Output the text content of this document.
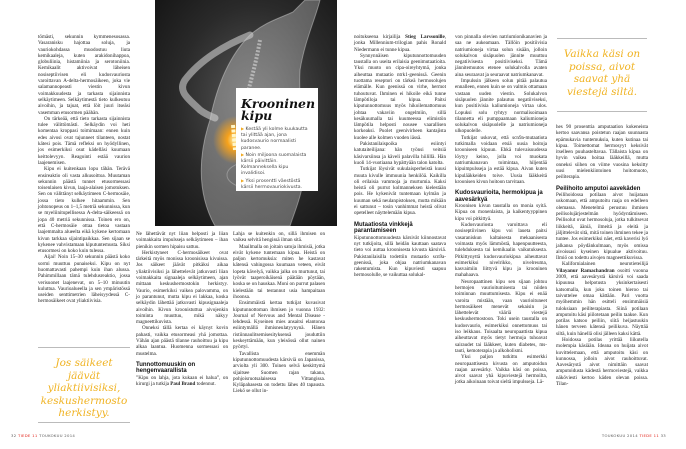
tömästi, sekunnin kymmenesosassa. Vasaranisku hajottaa soluja, ja vauriokohdassa muodostuu liuta kemikaaleja, kuten arakidonihappoa, globuliinia, histamiinia ja serotoniinia. Kemikaalit aktivoivat läheisen nosiseptiivisen eli kudosvauriosta varoittavan A-delta-hermosäikeen, joka vie salamannopeasti viestin kivun voimakkuudesta ja tarkasta sijainnista selkäytimeen. Selkäytimestä tieto kulkeutuu aivoihin, ja tajuat, että löit juuri itseäsi vasemman etusormen päähän.

On tärkeää, että tieto tarkasta sijainnista tulee välittömästi. Selkäydin voi heti komentaa kroppasi toimimaan: ennen kuin edes aivosi ovat tajunneet tilanteen, nostat kätesi pois. Tämä refleksi on hyödyllinen, jos esimerkiksi osut kädelläsi kuumaan keittolevyyn. Reagointi estää vaurion laajenemisen.

Kipu ei kuitenkaan lopu tähän. Terävä ensireaktio oli vasta alkusoittoa. Muutaman sekunnin päästä tunnet etusormessasi toisenlaisen kivun, laaja-alaisen jomotuksen. Sen on välittänyt selkäytimeen C-hermosäie, jossa tieto kulkee hitaammin. Sen johtonopeus on 1–1,5 metriä sekunnissa, kun se myeliinitupellisessa A-delta-säikeessä on jopa 40 metriä sekunnissa. Toinen ero on, että C-hermosäie ottaa tietoa vastaan laajemmalta alueelta eikä kykene kertomaan kivun tarkkaa sijaintipaikkaa. Sen sijaan se kykenee vahvistamaan kiputuntemusta. Siksi etusormesi on koko kuin tulessa.

Aijai! Noin 15–30 sekunnin päästä koko sormi muuttuu punaiseksi. Kipu on nyt huomattavasti pahempi kuin ihan alussa. Pahimmillaan tämä tulehdusreaktio, jossa verisuonet laajenevat, on 5–10 minuutin kuluttua. Vaurioalueella ja sen ympäristössä useiden senttimetrien läheisyydessä C-hermosäikeet ovat yliaktiivisia.

Jos säikeet jäävät yliaktiivisiksi, keskushermosto herkistyy.
Krooninen kipu
▶ Kestää yli kolme kuukautta tai ylittää ajan, jona kudosvaurio normaalisti paranee.
▶ Noin miljoona suomalaista kärsii päivittäin. Kolmanneksella kipu invalidisoi.
▶ Yksi prosentti väestöstä kärsii hermovauriokivusta.

Ne lähettävät nyt liian helposti ja liian voimakkaita impulsseja selkäytimeen – ihan pienikin sormen hipaisu sattuu.

Herkistyneet C-hermosäikeet ovat tärkeitä myös monissa kroonisissa kivuissa. Jos säikeet jäävät pitkäksi aikaa yliaktiivisiksi ja lähettelevät jatkuvasti liian voimakkaita signaaleja selkäytimeen, ajan mittaan keskushermostokin herkistyy. Vaurio, esimerkiksi vaikea palovamma, on jo parantunut, mutta kipu ei lakkaa, koska selkäydin lähettää jatkuvasti kipusignaaleja aivoihin. Kivun kroonistuttua aivojenkin toiminta muuttuu, mikä näkyy magneettikuvista.

Onneksi tällä kertaa ei käynyt kovin pahasti, vaikka etusormeasi yhä jomottaa. Vähän ajan päästä tilanne rauhoittuu ja kipu alkaa laantua. Huomenna sormessasi on mustelma.

Tunnottomuuskin on hengenvaarallista

”Kipu on lahja, jota kukaan ei halua”, on kirurgi ja tutkija Paul Brand todennut.

Lahja se kuitenkin on, sillä ihmisen on vaikea selvitä hengissä ilman sitä.

Maailmalla on joitain satoja ihmisiä, jotka eivät kykene tuntemaan kipua. Heistä on paljon kertomuksia: miten he kastavat kätensä vahingossa kuumaan veteen, eivät lopeta kävelyä, vaikka jalka on murtunut, tai lyövät taaperoikäisenä päätään pöytään, koska se on hauskaa. Moni on purrut palasen kielestään tai testannut usia hampaitaan ihoonsa.

Ensimmäistä kertaa tutkijat kuvasivat kiputunnottoman ihmisen jo vuonna 1932: Journal of Nervous and Mental Disease -lehdessä. Kyseinen mies ansaitsi elantonsa esiintymällä ihmisneulatyynynä. Hänen ristiinnaulitsemisesityksensä jouduttiin keskeyttämään, kun yleisössä ollut nainen pyörtyi.

Tavallista enemmän kiputunnottomuudesta kärsiviä on Japanissa, arviolta yli 300. Toinen selvä keskittymä sijaitsee Suomen rajan takana, pohjoisruotsalaisessa Vittangissa. Kyläpahasesta on todettu lähes 40 tapausta. Liekö se ollut in-

32 TIEDE 11 TOUKOKUU 2014

noitukseena kirjailija Stieg Larssonille, jonka Millennium-trilogian pahis Ronald Niedermann ei tunne kipua.

Synnynnäisen kiputunnottomuuden taustalla on useita erilaisia geenimutaatioita. Yksi muoto on cipa-oireyhtymä, jonka aiheuttaa mutaatio ntrk1-geenissä. Geenin tuottama reseptori on tärkeä hermosolujen elämälle. Kun geenissä on virhe, hermot tuhoutuvat. Ihminen ei hikoile eikä tunne lämpötiloja tai kipua. Paitsi kiputunnottomuus myös hikoilemattomuus johtaa vakaviin ongelmiin, sillä kesäkuumalla tai kuumeessa elimistön lämpötila helposti nousee vaarallisen korkeaksi. Puolet geenivirheen kantajista kuolee alle kolmen vuoden iässä.

Pakistanilaispoika esiintyi katutaiteilijana: hän työnsi veitsiä käsivarsiinsa ja käveli palavilla hiilillä. Hän kuoli 14-vuotiaana hypättyään talon katolta.

Tutkijat löysivät sukulaisperheistä kuusi muuta kivulle immuunia henkilöä. Kaikilla oli erilaisia vammoja ja murtumia. Kaksi heistä oli purrut kolmanneksen kielestään pois. He kykenivät tuntemaan kylmän ja kuuman sekä neulanpistoksen, mutta mikään ei sattunut – tosin vanhimmat heistä olivat opetelleet näyttelemään kipua.

Mutaatiosta vinkkejä parantamiseen

Kiputunnottomuudesta kärsivät kiinnostavat nyt tutkijoita, sillä heidän kauttaan saatava tieto voi auttaa kroonisesta kivusta kärsiviä. Pakistanilaisilla todettiin mutaatio scn9a-geenissä, joka ohjaa natriumkanavan rakentumista. Kun kipuviesti saapuu hermosolulle, se vaikuttaa solukal-

von pinnalla olevien natriumionikanavien ja saa ne aukeamaan. Tällöin positiivisia natriumioneja virtaa solun sisään, jolloin solukalvon sisäpuolen jännite muuttuu negatiivisesta positiiviseksi. Tämä jännitemuutos etenee solukalvolla avaten aina seuraavat ja seuraavat natriumkanavat.

Impulssin jälkeen solun pitää palautua ennalleen, ennen kuin se on valmis ottamaan vastaan uuden viestin. Solukalvon sisäpuolen jännite palautuu negatiiviseksi, kun positiivisia kaliumioneja virtaa ulos. Lopuksi solu ryhtyy normalisoimaan tilannetta eli pumppaamaan kaliumioneja solukalvon sisäpuolelle ja natriumioneja ulkopuolelle.

Tutkijat uskovat, että scn9a-mutaatiota tutkimalla voidaan etsiä uusia hoitoja krooniseen kipuun. Ehkä tulevaisuudessa löytyy keino, jolla voi muokata natriumkanavan toimintaa, hiljentää kipuimpulsseja ja estää kipua. Aivan kuten kipulääkkeiden toive. Uusia lääkkeitä kroonisen kivun hoitoon tarvitaan.

Kudosvaurioita, hermokipua ja aavesärkyä

Kroonisen kivun taustalla on monia syitä. Kipua on monenlaista, ja kaikentyyppinen kipu voi pitkittyä.

Kudosvauriosta varoittava eli nosiseptiivinen kipu voi laueta paitsi vasaraniskun kaltaisesta mekaanisesta voimasta myös lämmöstä, hapenpuutteesta, tulehduksesta tai kemikaalin vaikutuksesta. Pitkittynyttä kudosvauriokipua aiheuttavat esimerkiksi nivelrikko, nivelreuma, kasvaimiin liittyvä kipu ja krooninen mahahaava.

Neuropaattinen kipu sen sijaan johtuu hermojen vaurioitumisesta tai niiden toiminnan muuttumisesta. Kipu ei enää varoita mistään, vaan vaurioituneet hermosäikeet menevät sekaisin ja lähettelevät vääriä viestejä keskushermostoon. Toki usein taustalla on kudosvaurio, esimerkiksi onnettomuus tai iso leikkaus. Toisaalta neuropaattista kipua aiheuttavat myös tietyt hermoja tuhoavat sairaudet tai lääkkeet, kuten diabetes, ms-tauti, kemoterapia ja alkoholismi.

Yksi paljon tutkittu esimerkki neuropaattisesta kivusta on amputoidun raajan aavesärky. Vaikka käsi on poissa, aivot saavat yhä kipuviestejä hermoilta, jotka aikoinaan toivat sieltä impulsseja. Lä-

Vaikka käsi on poissa, aivot saavat yhä viestejä siltä.

hes 90 prosenttia amputaation kokeneista kertoo saavansa poistetun raajan suunnasta epämukavia tuntemuksia, kuten kutinaa tai kipua. Toimettomat hermosyyt keksivät itselleen puuhasteltavaa. Tällaista kipua on hyvin vaikea hoitaa lääkkeillä, mutta onneksi siihen on viime vuosina keksitty uusi mielenkiintoinen hoitomuoto, peiliterapia.

Peilihoito amputoi aavekäden

Peilihoidossa potilaan aivot huijataan uskomaan, että amputoitu raaja on edelleen olemassa. Menetelmä perustuu ihmisen peilisolujärjestelmän hyödyntämiseen. Peilisolut ovat hermosoluja, jotka tulkitsevat liikkeitä, ääniä, ilmeitä ja eleitä ja jäljittelevät sitä, mitä toinen ihminen tekee ja tuntee. Jos esimerkiksi näet, että kaverisi lyö jalkansa pöydänkulmaan, myös omissa aivoissasi kyseinen kipualue aktivoituu. Ilmiö on todettu aivojen magneettikuvissa.

Kalifornialainen neurotieteilijä Vilayanur Ramachandran osoitti vuonna 2009, että aavesärystä kärsivä voi saada kipuunsa helpotusta yksinkertaisesti katsomalla, kun joku toinen hieroo tai taivuttelee omaa kättään. Pari vuotta myöhemmin hän esitteli ensimmäisiä tuloksiaan peiliterapiasta. Siinä potilaan amputoitu käsi piilotetaan peilin taakse. Kun potilas katsoo peiliin, siitä heijastuukin hänen terveen kätensä peilikuva. Näyttää siltä, kuin hänellä olisi jälleen kaksi kättä.

Hoidossa potilas yrittää liikutella molempia käsiään. Ideana on huijata aivot kuvittelemaan, että amputoitu käsi on kunnossa, jolloin aivot rauhoittuvat. Aavesärystä aivot nimittäin saavat amputoidusta kädestä hermoviestejä, vaikka näköviesti kertoo käden olevan poissa. Tilan-

TOUKOKUU 2014 TIEDE 11 33
